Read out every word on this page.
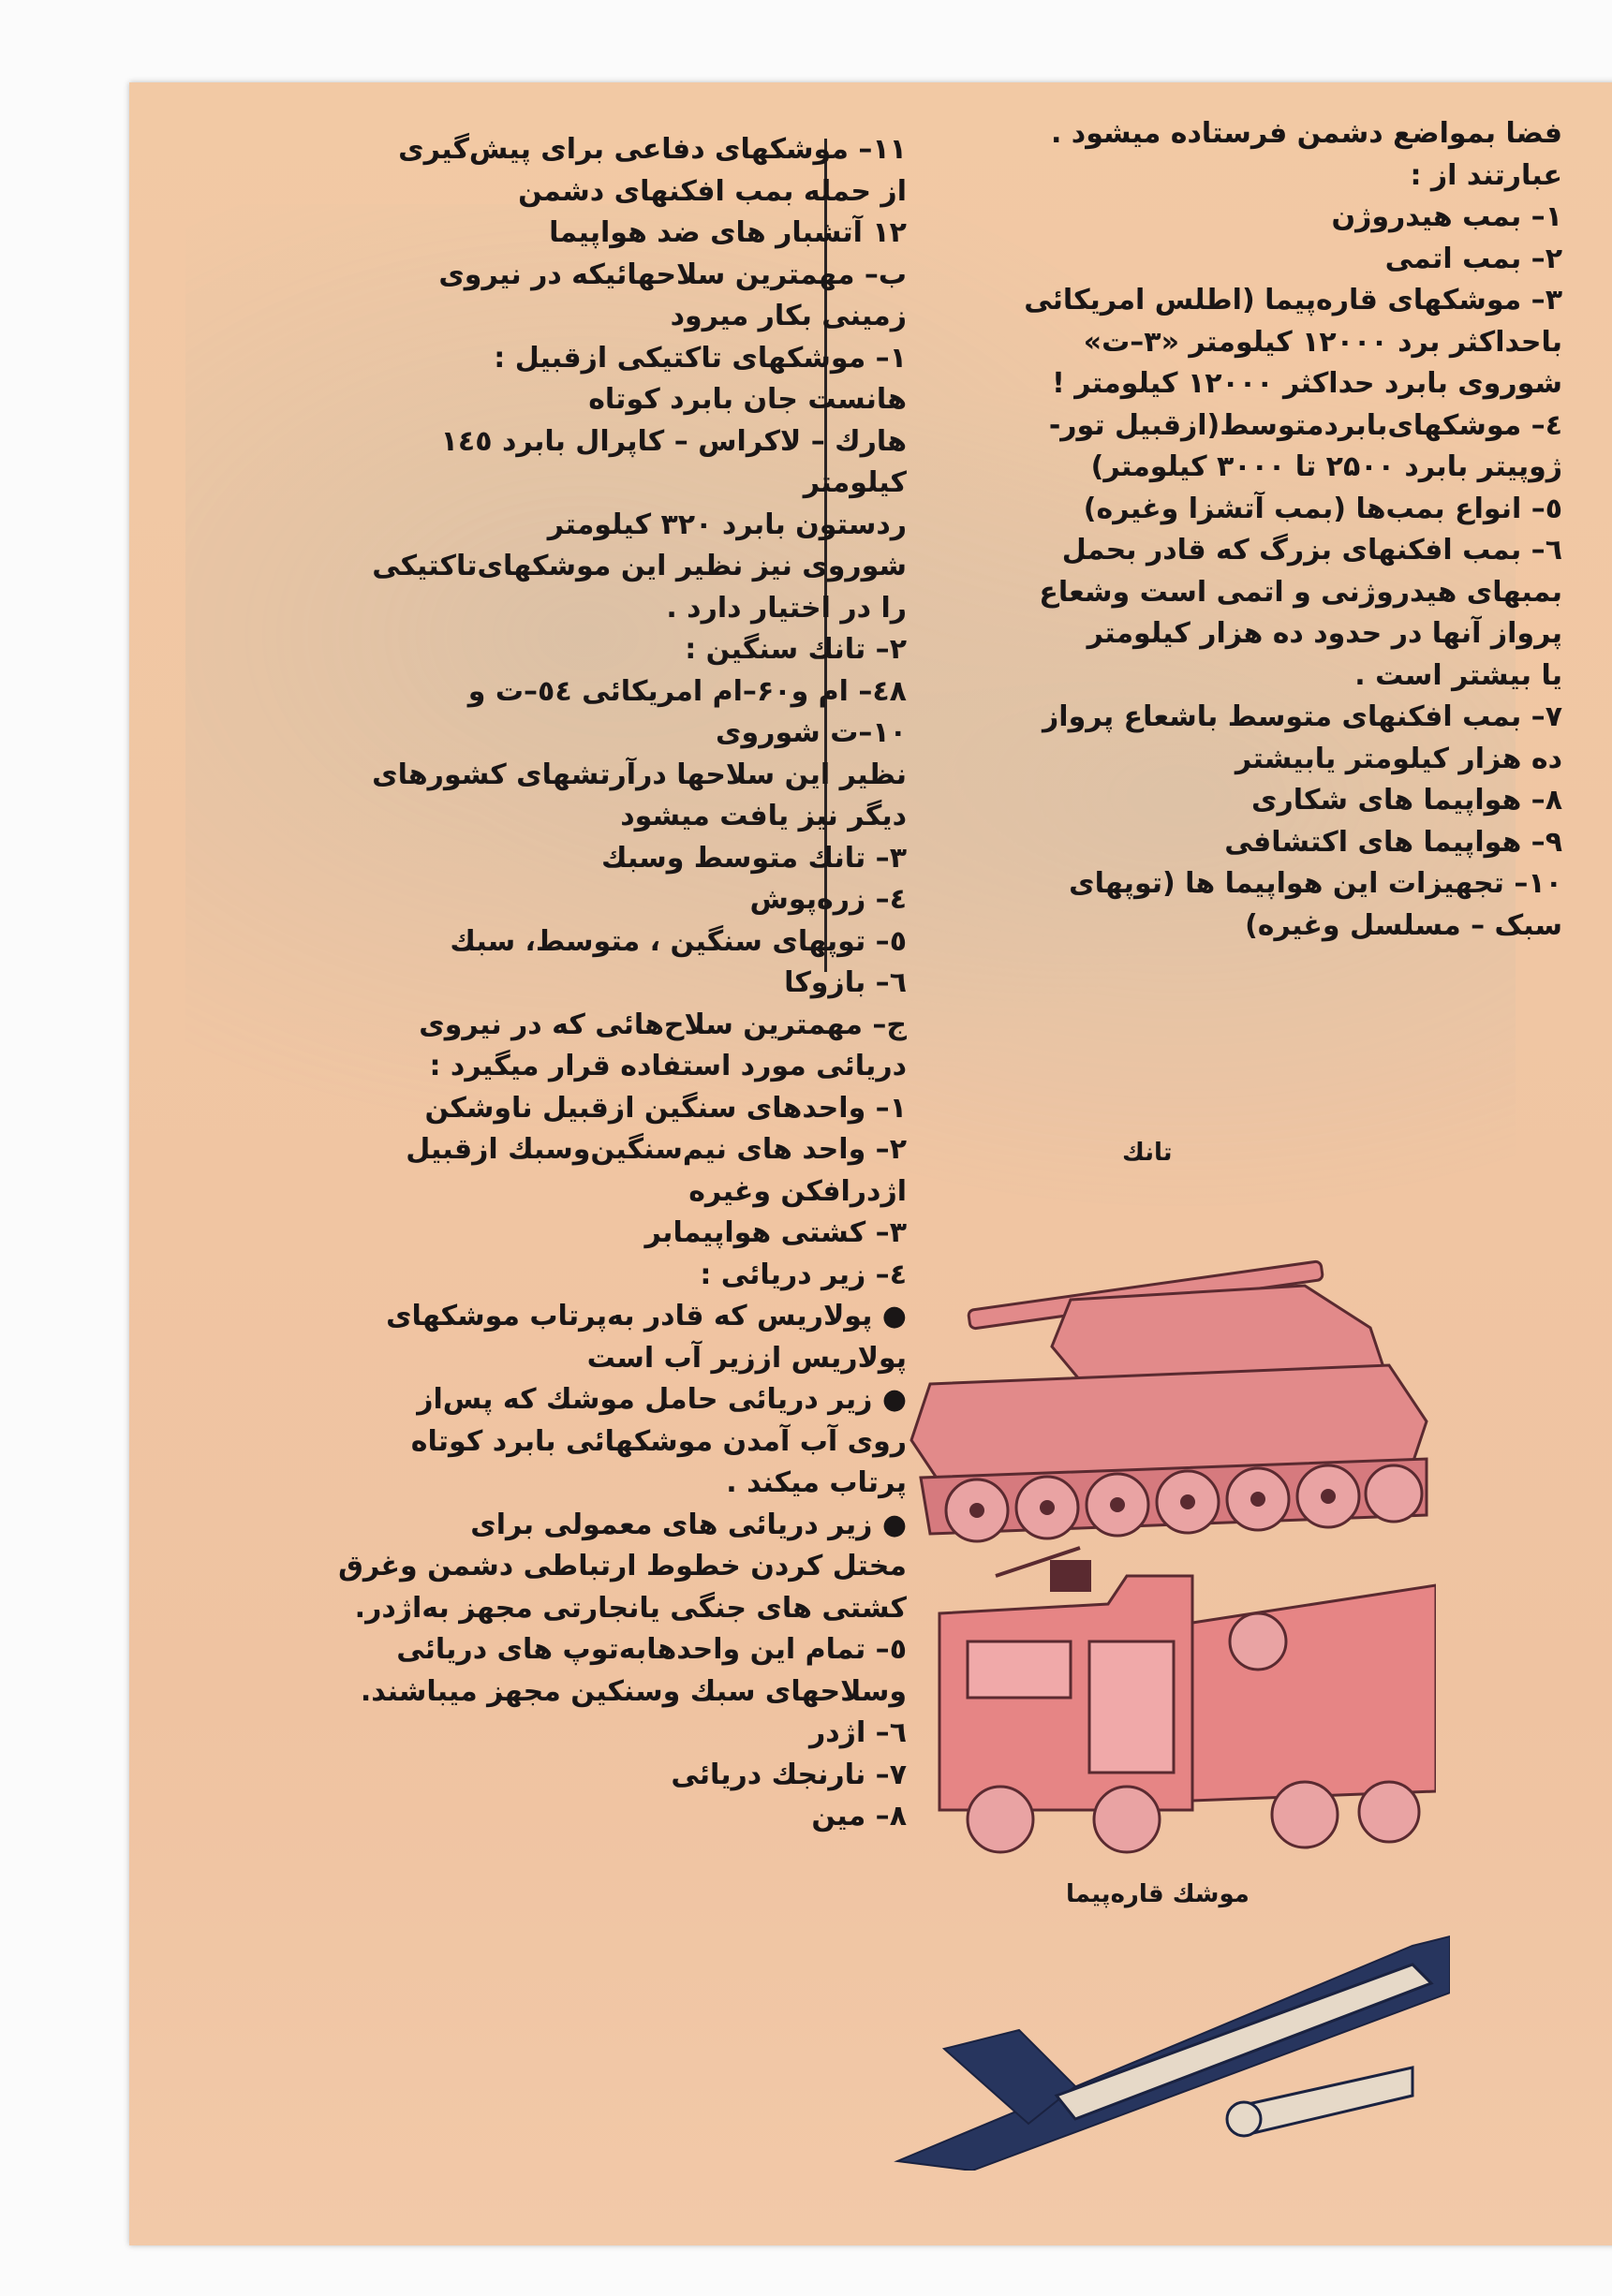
فضا بمواضع دشمن فرستاده میشود .

عبارتند از :

۱– بمب هیدروژن

۲– بمب اتمی

۳– موشکهای قاره‌پیما (اطلس امریکائی

باحداکثر برد ۱۲۰۰۰ کیلومتر «۳–ت»

شوروی بابرد حداکثر ۱۲۰۰۰ کیلومتر !

٤– موشکهای‌بابردمتوسط(ازقبیل تور-

ژوپیتر بابرد ۲۵۰۰ تا ۳۰۰۰ کیلومتر)

٥– انواع بمب‌ها (بمب آتشزا وغیره)

٦– بمب افکنهای بزرگ که قادر بحمل

بمبهای هیدروژنی و اتمی است وشعاع

پرواز آنها در حدود ده هزار کیلومتر

یا بیشتر است .

۷– بمب افکنهای متوسط باشعاع پرواز

ده هزار کیلومتر یابیشتر

۸– هواپیما های شکاری

۹– هواپیما های اکتشافی

۱۰– تجهیزات این هواپیما ها (توپهای

سبک – مسلسل وغیره)

۱۱– موشکهای دفاعی برای پیش‌گیری

از حمله بمب افکنهای دشمن

۱۲ آتشبار های ضد هواپیما

ب– مهمترین سلاحهائیکه در نیروی

زمینی بکار میرود

۱– موشکهای تاکتیکی ازقبیل :

هانست جان بابرد کوتاه

هارك – لاکراس – کاپرال بابرد ۱٤٥

کیلومتر

ردستون بابرد ۳۲۰ کیلومتر

شوروی نیز نظیر این موشکهای‌تاکتیکی

را در اختیار دارد .

۲– تانك سنگین :

٤۸– ام و۶۰–ام امریکائی ٥٤–ت و

۱۰–ت شوروی

نظیر این سلاحها درآرتشهای کشورهای

دیگر نیز یافت میشود

۳– تانك متوسط وسبك

٤– زره‌پوش

٥– توپهای سنگین ، متوسط، سبك

٦– بازوکا

ج– مهمترین سلاح‌هائی که در نیروی

دریائی مورد استفاده قرار میگیرد :

۱– واحدهای سنگین ازقبیل ناوشکن

۲– واحد های نیم‌سنگین‌وسبك ازقبیل

اژدرافکن وغیره

۳– کشتی هواپیمابر

٤– زیر دریائی :

● پولاریس که قادر به‌پرتاب موشکهای

پولاریس اززیر آب است

● زیر دریائی حامل موشك که پس‌از

روی آب آمدن موشکهائی بابرد کوتاه

پرتاب میکند .

● زیر دریائی های معمولی برای

مختل کردن خطوط ارتباطی دشمن وغرق

کشتی های جنگی یانجارتی مجهز به‌اژدر.

٥– تمام این واحدهابه‌توپ های دریائی

وسلاحهای سبك وسنکین مجهز میباشند.

٦– اژدر

۷– نارنجك دریائی

۸– مین

تانك
موشك قاره‌پیما
